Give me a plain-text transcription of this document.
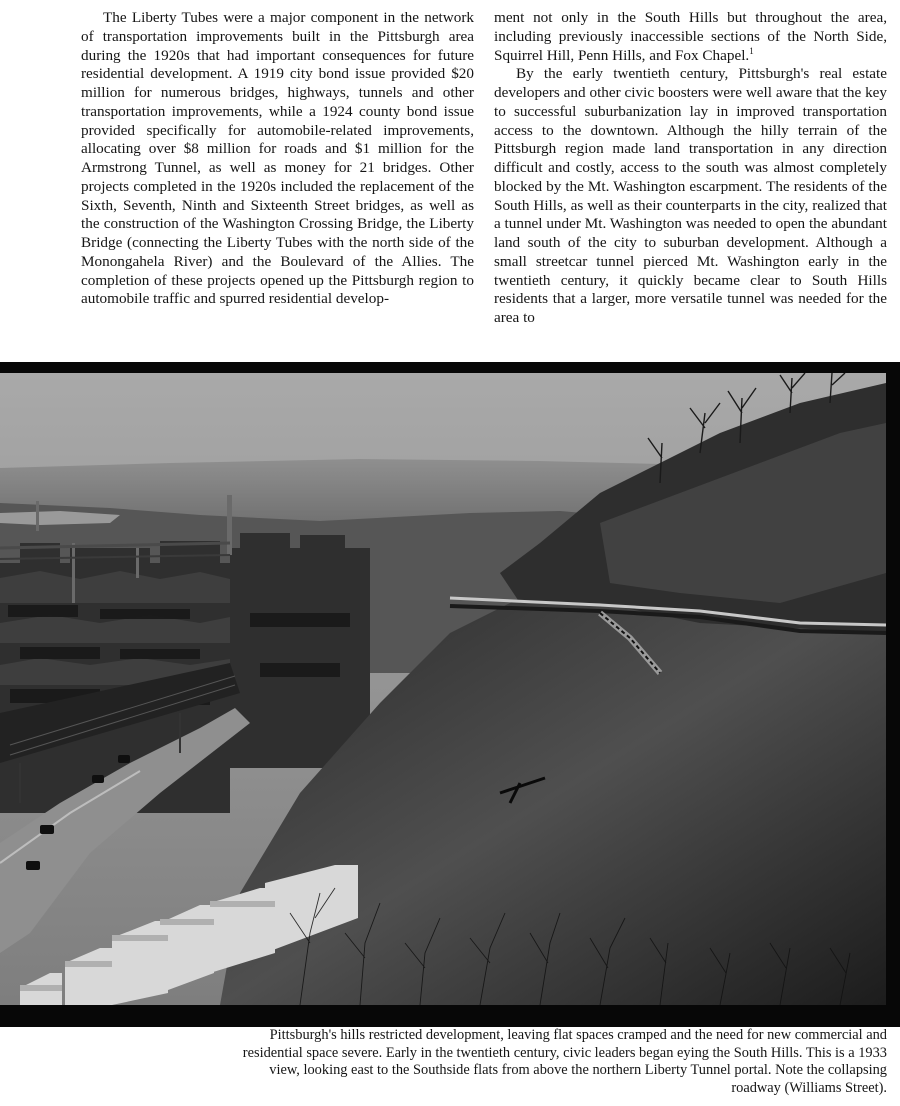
The Liberty Tubes were a major component in the network of transportation improvements built in the Pittsburgh area during the 1920s that had important consequences for future residential development. A 1919 city bond issue provided $20 million for numerous bridges, highways, tunnels and other transportation improvements, while a 1924 county bond issue provided specifically for automobile-related improvements, allocating over $8 million for roads and $1 million for the Armstrong Tunnel, as well as money for 21 bridges. Other projects completed in the 1920s included the replacement of the Sixth, Seventh, Ninth and Sixteenth Street bridges, as well as the construction of the Washington Crossing Bridge, the Liberty Bridge (connecting the Liberty Tubes with the north side of the Monongahela River) and the Boulevard of the Allies. The completion of these projects opened up the Pittsburgh region to automobile traffic and spurred residential develop-

ment not only in the South Hills but throughout the area, including previously inaccessible sections of the North Side, Squirrel Hill, Penn Hills, and Fox Chapel.$^1$

By the early twentieth century, Pittsburgh's real estate developers and other civic boosters were well aware that the key to successful suburbanization lay in improved transportation access to the downtown. Although the hilly terrain of the Pittsburgh region made land transportation in any direction difficult and costly, access to the south was almost completely blocked by the Mt. Washington escarpment. The residents of the South Hills, as well as their counterparts in the city, realized that a tunnel under Mt. Washington was needed to open the abundant land south of the city to suburban development. Although a small streetcar tunnel pierced Mt. Washington early in the twentieth century, it quickly became clear to South Hills residents that a larger, more versatile tunnel was needed for the area to

Pittsburgh's hills restricted development, leaving flat spaces cramped and the need for new commercial and residential space severe. Early in the twentieth century, civic leaders began eying the South Hills. This is a 1933 view, looking east to the Southside flats from above the northern Liberty Tunnel portal. Note the collapsing roadway (Williams Street).
